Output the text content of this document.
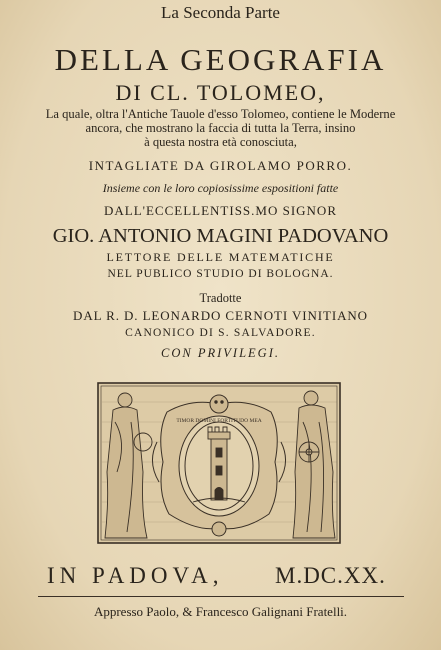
La Seconda Parte
DELLA GEOGRAFIA
DI CL. TOLOMEO,
La quale, oltra l'Antiche Tauole d'esso Tolomeo, contiene le Moderne
ancora, che mostrano la faccia di tutta la Terra, insino
à questa nostra età conosciuta,
INTAGLIATE DA GIROLAMO PORRO.
Insieme con le loro copiosissime espositioni fatte
DALL'ECCELLENTISS.MO SIGNOR
GIO. ANTONIO MAGINI PADOVANO
LETTORE DELLE MATEMATICHE
NEL PUBLICO STUDIO DI BOLOGNA.
Tradotte
DAL R. D. LEONARDO CERNOTI VINITIANO
CANONICO DI S. SALVADORE.
CON PRIVILEGI.
TIMOR DOMINI FORTITUDO MEA
IN PADOVA, M.DC.XX.
Appresso Paolo, & Francesco Galignani Fratelli.
